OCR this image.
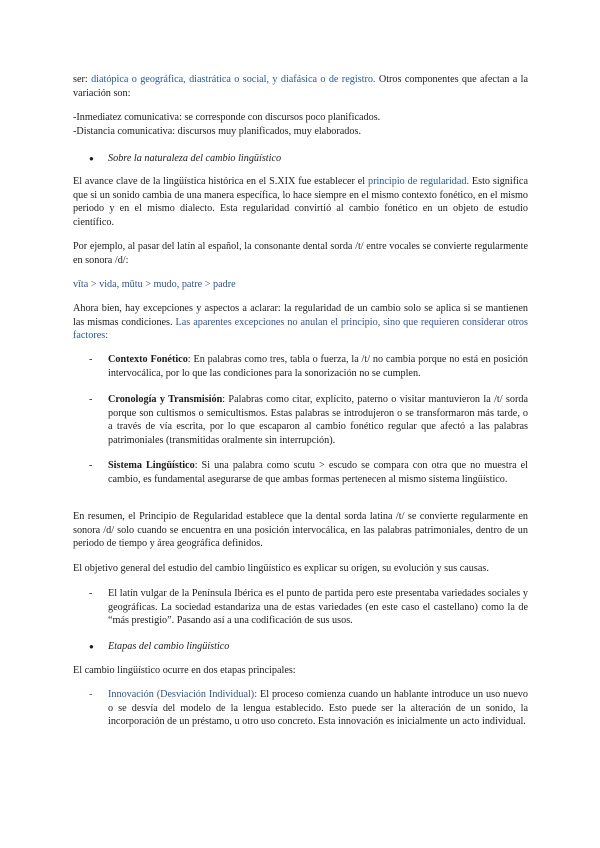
ser: diatópica o geográfica, diastrática o social, y diafásica o de registro. Otros componentes que afectan a la variación son:

-Inmediatez comunicativa: se corresponde con discursos poco planificados.
-Distancia comunicativa: discursos muy planificados, muy elaborados.

● Sobre la naturaleza del cambio lingüístico

El avance clave de la lingüística histórica en el S.XIX fue establecer el principio de regularidad. Esto significa que si un sonido cambia de una manera específica, lo hace siempre en el mismo contexto fonético, en el mismo periodo y en el mismo dialecto. Esta regularidad convirtió al cambio fonético en un objeto de estudio científico.

Por ejemplo, al pasar del latín al español, la consonante dental sorda /t/ entre vocales se convierte regularmente en sonora /d/:

vīta > vida, mūtu > mudo, patre > padre

Ahora bien, hay excepciones y aspectos a aclarar: la regularidad de un cambio solo se aplica si se mantienen las mismas condiciones. Las aparentes excepciones no anulan el principio, sino que requieren considerar otros factores:

- Contexto Fonético: En palabras como tres, tabla o fuerza, la /t/ no cambia porque no está en posición intervocálica, por lo que las condiciones para la sonorización no se cumplen.

- Cronología y Transmisión: Palabras como citar, explícito, paterno o visitar mantuvieron la /t/ sorda porque son cultismos o semicultismos. Estas palabras se introdujeron o se transformaron más tarde, o a través de vía escrita, por lo que escaparon al cambio fonético regular que afectó a las palabras patrimoniales (transmitidas oralmente sin interrupción).

- Sistema Lingüístico: Si una palabra como scutu > escudo se compara con otra que no muestra el cambio, es fundamental asegurarse de que ambas formas pertenecen al mismo sistema lingüístico.

En resumen, el Principio de Regularidad establece que la dental sorda latina /t/ se convierte regularmente en sonora /d/ solo cuando se encuentra en una posición intervocálica, en las palabras patrimoniales, dentro de un periodo de tiempo y área geográfica definidos.

El objetivo general del estudio del cambio lingüístico es explicar su origen, su evolución y sus causas.

- El latín vulgar de la Península Ibérica es el punto de partida pero este presentaba variedades sociales y geográficas. La sociedad estandariza una de estas variedades (en este caso el castellano) como la de “más prestigio”. Pasando así a una codificación de sus usos.

● Etapas del cambio lingüístico

El cambio lingüístico ocurre en dos etapas principales:

- Innovación (Desviación Individual): El proceso comienza cuando un hablante introduce un uso nuevo o se desvía del modelo de la lengua establecido. Esto puede ser la alteración de un sonido, la incorporación de un préstamo, u otro uso concreto. Esta innovación es inicialmente un acto individual.
